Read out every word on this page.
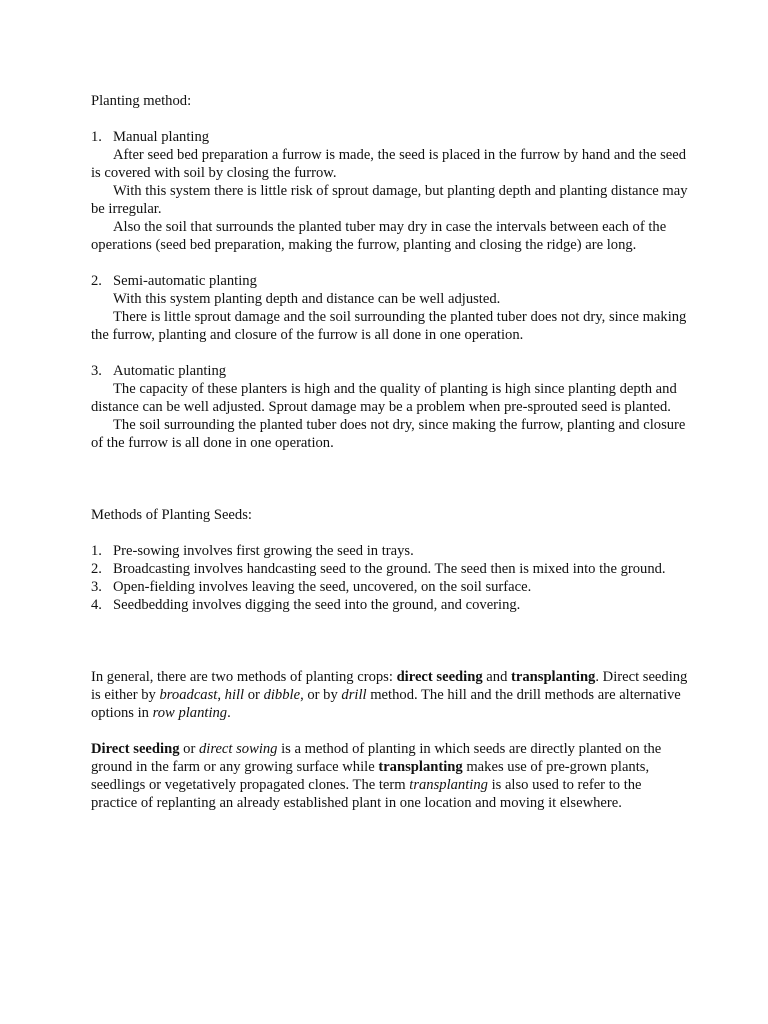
Planting method:

1. Manual planting

After seed bed preparation a furrow is made, the seed is placed in the furrow by hand and the seed is covered with soil by closing the furrow.

With this system there is little risk of sprout damage, but planting depth and planting distance may be irregular.

Also the soil that surrounds the planted tuber may dry in case the intervals between each of the operations (seed bed preparation, making the furrow, planting and closing the ridge) are long.

2. Semi-automatic planting

With this system planting depth and distance can be well adjusted.

There is little sprout damage and the soil surrounding the planted tuber does not dry, since making the furrow, planting and closure of the furrow is all done in one operation.

3. Automatic planting

The capacity of these planters is high and the quality of planting is high since planting depth and distance can be well adjusted. Sprout damage may be a problem when pre-sprouted seed is planted.

The soil surrounding the planted tuber does not dry, since making the furrow, planting and closure of the furrow is all done in one operation.

Methods of Planting Seeds:

1. Pre-sowing involves first growing the seed in trays.

2. Broadcasting involves handcasting seed to the ground. The seed then is mixed into the ground.

3. Open-fielding involves leaving the seed, uncovered, on the soil surface.

4. Seedbedding involves digging the seed into the ground, and covering.

In general, there are two methods of planting crops: direct seeding and transplanting. Direct seeding is either by broadcast, hill or dibble, or by drill method. The hill and the drill methods are alternative options in row planting.

Direct seeding or direct sowing is a method of planting in which seeds are directly planted on the ground in the farm or any growing surface while transplanting makes use of pre-grown plants, seedlings or vegetatively propagated clones. The term transplanting is also used to refer to the practice of replanting an already established plant in one location and moving it elsewhere.
